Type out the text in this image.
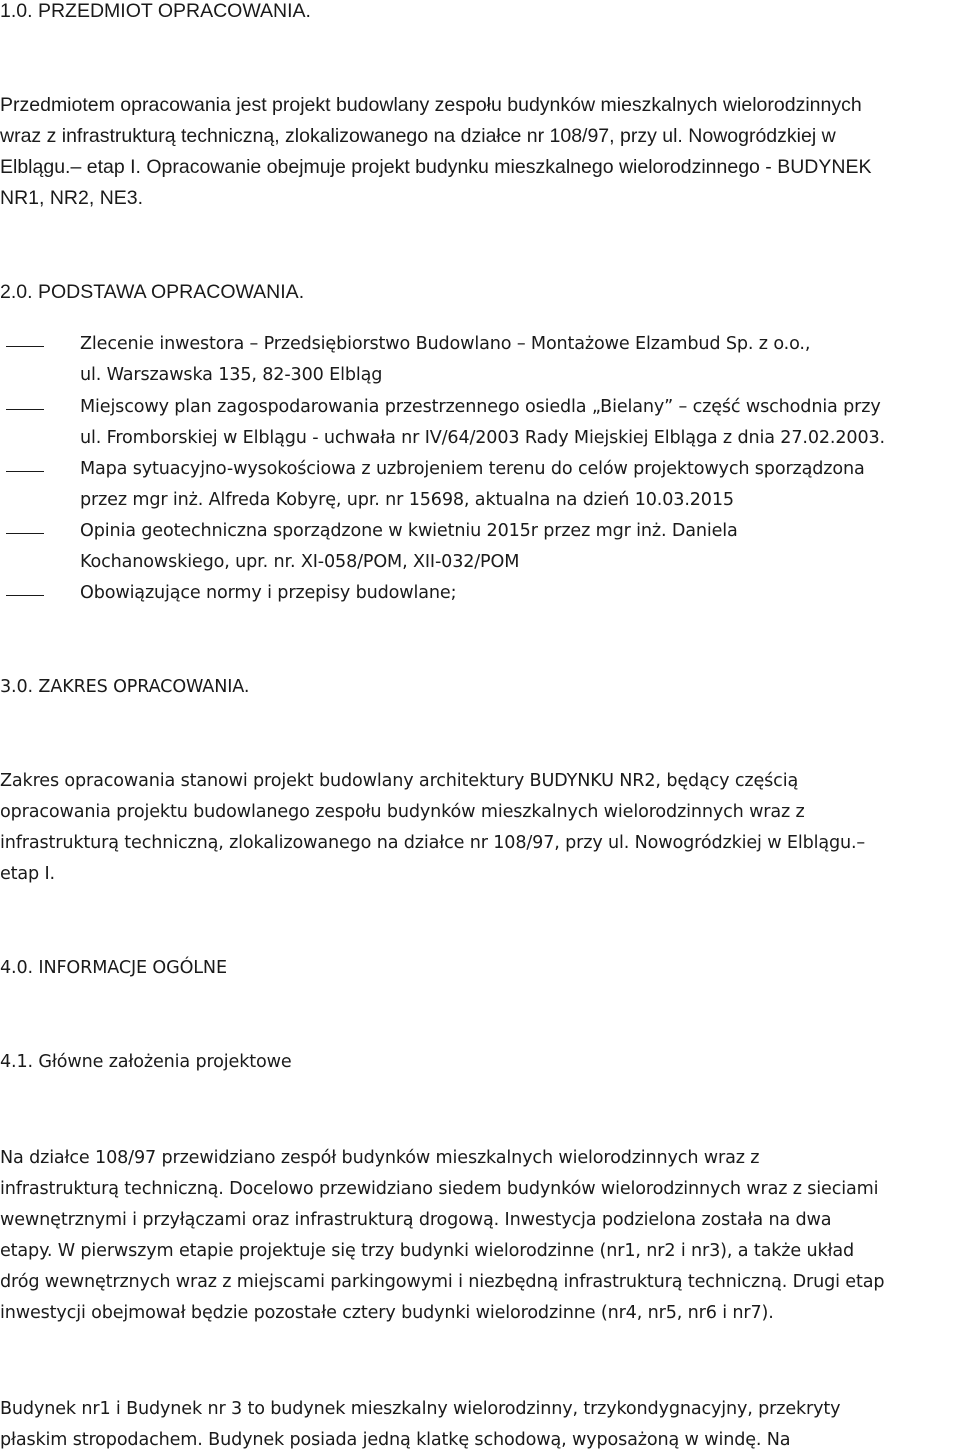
1.0. PRZEDMIOT OPRACOWANIA.
Przedmiotem opracowania jest projekt budowlany zespołu budynków mieszkalnych wielorodzinnych
wraz z infrastrukturą techniczną, zlokalizowanego na działce nr 108/97, przy ul. Nowogródzkiej w
Elblągu.– etap I. Opracowanie obejmuje projekt budynku mieszkalnego wielorodzinnego - BUDYNEK
NR1, NR2, NE3.
2.0. PODSTAWA OPRACOWANIA.
Zlecenie inwestora – Przedsiębiorstwo Budowlano – Montażowe Elzambud Sp. z o.o.,
ul. Warszawska 135, 82-300 Elbląg
Miejscowy plan zagospodarowania przestrzennego osiedla „Bielany” – część wschodnia przy
ul. Fromborskiej w Elblągu - uchwała nr IV/64/2003 Rady Miejskiej Elbląga z dnia 27.02.2003.
Mapa sytuacyjno-wysokościowa z uzbrojeniem terenu do celów projektowych sporządzona
przez mgr inż. Alfreda Kobyrę, upr. nr 15698, aktualna na dzień 10.03.2015
Opinia geotechniczna sporządzone w kwietniu 2015r przez mgr inż. Daniela
Kochanowskiego, upr. nr. XI-058/POM, XII-032/POM
Obowiązujące normy i przepisy budowlane;
3.0. ZAKRES OPRACOWANIA.
Zakres opracowania stanowi projekt budowlany architektury BUDYNKU NR2, będący częścią
opracowania projektu budowlanego zespołu budynków mieszkalnych wielorodzinnych wraz z
infrastrukturą techniczną, zlokalizowanego na działce nr 108/97, przy ul. Nowogródzkiej w Elblągu.–
etap I.
4.0. INFORMACJE OGÓLNE
4.1. Główne założenia projektowe
Na działce 108/97 przewidziano zespół budynków mieszkalnych wielorodzinnych wraz z
infrastrukturą techniczną. Docelowo przewidziano siedem budynków wielorodzinnych wraz z sieciami
wewnętrznymi i przyłączami oraz infrastrukturą drogową. Inwestycja podzielona została na dwa
etapy. W pierwszym etapie projektuje się trzy budynki wielorodzinne (nr1, nr2 i nr3), a także układ
dróg wewnętrznych wraz z miejscami parkingowymi i niezbędną infrastrukturą techniczną. Drugi etap
inwestycji obejmował będzie pozostałe cztery budynki wielorodzinne (nr4, nr5, nr6 i nr7).
Budynek nr1 i Budynek nr 3 to budynek mieszkalny wielorodzinny, trzykondygnacyjny, przekryty
płaskim stropodachem. Budynek posiada jedną klatkę schodową, wyposażoną w windę. Na
